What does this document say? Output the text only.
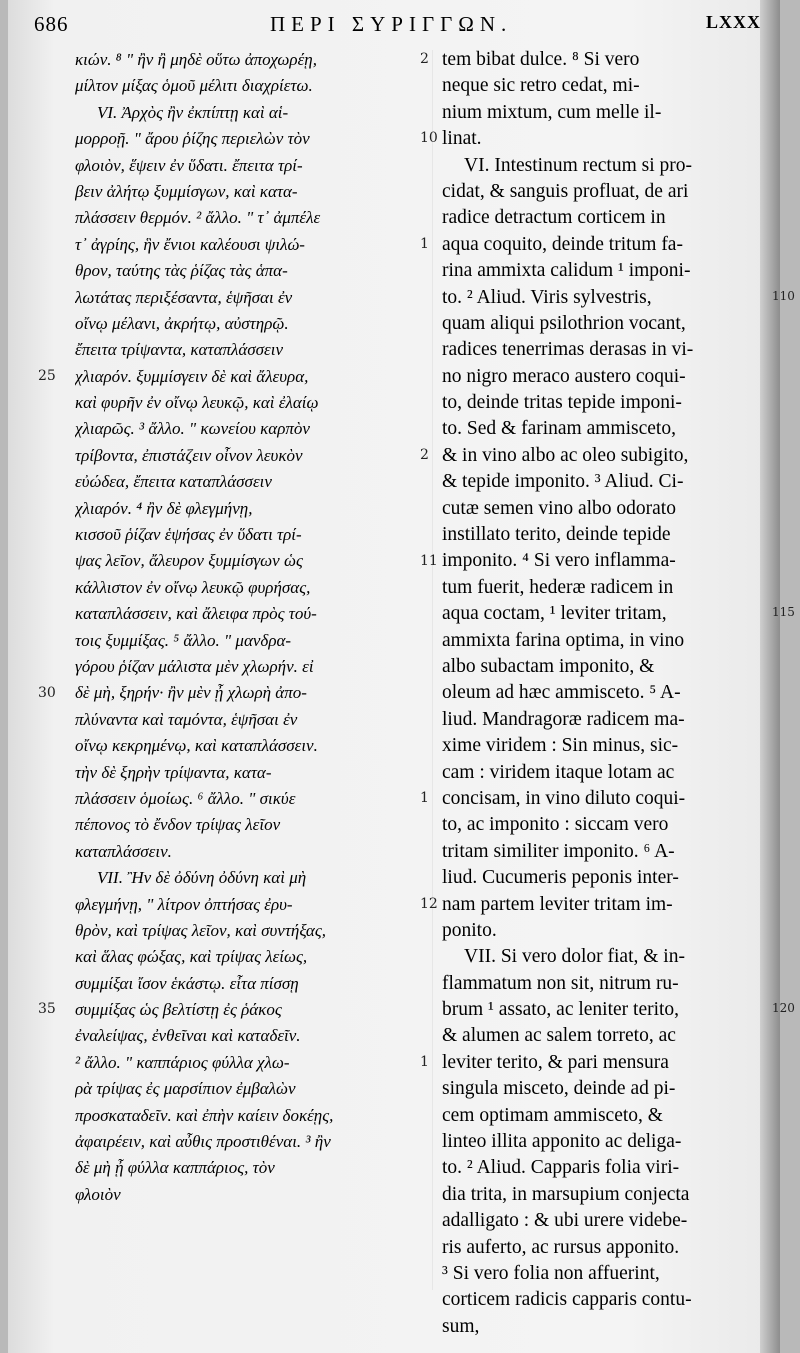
686	ΠΕΡΙ ΣΥΡΙΓΓΩΝ.	LXXX
κιών. ⁸ " ἢν ἢ μηδὲ οὕτω ἀποχωρέῃ,
μίλτον μίξας ὁμοῦ μέλιτι διαχρίετω.
VI. Ἀρχὸς ἢν ἐκπίπτῃ καὶ αἱ-
μορροῇ. " ἄρου ῥίζης περιελὼν τὸν
φλοιὸν, ἕψειν ἐν ὕδατι. ἔπειτα τρί-
βειν ἀλήτῳ ξυμμίσγων, καὶ κατα-
πλάσσειν θερμόν. ² ἄλλο. " τ᾽ ἀμπέλε
τ᾽ ἀγρίης, ἣν ἔνιοι καλέουσι ψιλώ-
θρον, ταύτης τὰς ῥίζας τὰς ἁπα-
λωτάτας περιξέσαντα, ἑψῆσαι ἐν
οἴνῳ μέλανι, ἀκρήτῳ, αὐστηρῷ.
ἔπειτα τρίψαντα, καταπλάσσειν
χλιαρόν. ξυμμίσγειν δὲ καὶ ἄλευρα,
καὶ φυρῆν ἐν οἴνῳ λευκῷ, καὶ ἐλαίῳ
χλιαρῶς. ³ ἄλλο. " κωνείου καρπὸν
τρίβοντα, ἐπιστάζειν οἶνον λευκὸν
εὐώδεα, ἔπειτα καταπλάσσειν
χλιαρόν. ⁴ ἢν δὲ φλεγμήνῃ,
κισσοῦ ῥίζαν ἑψήσας ἐν ὕδατι τρί-
ψας λεῖον, ἄλευρον ξυμμίσγων ὡς
κάλλιστον ἐν οἴνῳ λευκῷ φυρήσας,
καταπλάσσειν, καὶ ἄλειφα πρὸς τού-
τοις ξυμμίξας. ⁵ ἄλλο. " μανδρα-
γόρου ῥίζαν μάλιστα μὲν χλωρήν. εἰ
δὲ μὴ, ξηρήν· ἢν μὲν ᾖ χλωρὴ ἀπο-
πλύναντα καὶ ταμόντα, ἑψῆσαι ἐν
οἴνῳ κεκρημένῳ, καὶ καταπλάσσειν.
τὴν δὲ ξηρὴν τρίψαντα, κατα-
πλάσσειν ὁμοίως. ⁶ ἄλλο. " σικύε
πέπονος τὸ ἔνδον τρίψας λεῖον
καταπλάσσειν.
VII. Ἢν δὲ ὀδύνη ὀδύνη καὶ μὴ
φλεγμήνῃ, " λίτρον ὀπτήσας ἐρυ-
θρὸν, καὶ τρίψας λεῖον, καὶ συντήξας,
καὶ ἅλας φώξας, καὶ τρίψας λείως,
συμμίξαι ἴσον ἑκάστῳ. εἶτα πίσσῃ
συμμίξας ὡς βελτίστῃ ἐς ῥάκος
ἐναλείψας, ἐνθεῖναι καὶ καταδεῖν.
² ἄλλο. " καππάριος φύλλα χλω-
ρὰ τρίψας ἐς μαρσίπιον ἐμβαλὼν
προσκαταδεῖν. καὶ ἐπὴν καίειν δοκέῃς,
ἀφαιρέειν, καὶ αὖθις προστιθέναι. ³ ἢν
δὲ μὴ ᾖ φύλλα καππάριος, τὸν
φλοιὸν
tem bibat dulce. ⁸ Si vero
neque sic retro cedat, mi-
nium mixtum, cum melle il-
linat.
VI. Intestinum rectum si pro-
cidat, & sanguis profluat, de ari
radice detractum corticem in
aqua coquito, deinde tritum fa-
rina ammixta calidum ¹ imponi-
to. ² Aliud. Viris sylvestris,
quam aliqui psilothrion vocant,
radices tenerrimas derasas in vi-
no nigro meraco austero coqui-
to, deinde tritas tepide imponi-
to. Sed & farinam ammisceto,
& in vino albo ac oleo subigito,
& tepide imponito. ³ Aliud. Ci-
cutæ semen vino albo odorato
instillato terito, deinde tepide
imponito. ⁴ Si vero inflamma-
tum fuerit, hederæ radicem in
aqua coctam, ¹ leviter tritam,
ammixta farina optima, in vino
albo subactam imponito, &
oleum ad hæc ammisceto. ⁵ A-
liud. Mandragoræ radicem ma-
xime viridem : Sin minus, sic-
cam : viridem itaque lotam ac
concisam, in vino diluto coqui-
to, ac imponito : siccam vero
tritam similiter imponito. ⁶ A-
liud. Cucumeris peponis inter-
nam partem leviter tritam im-
ponito.
VII. Si vero dolor fiat, & in-
flammatum non sit, nitrum ru-
brum ¹ assato, ac leniter terito,
& alumen ac salem torreto, ac
leviter terito, & pari mensura
singula misceto, deinde ad pi-
cem optimam ammisceto, &
linteo illita apponito ac deliga-
to. ² Aliud. Capparis folia viri-
dia trita, in marsupium conjecta
adalligato : & ubi urere videbe-
ris auferto, ac rursus apponito.
³ Si vero folia non affuerint,
corticem radicis capparis contu-
sum,
25
30
35
2
10
1
2
11
1
12
1
110
115
120
